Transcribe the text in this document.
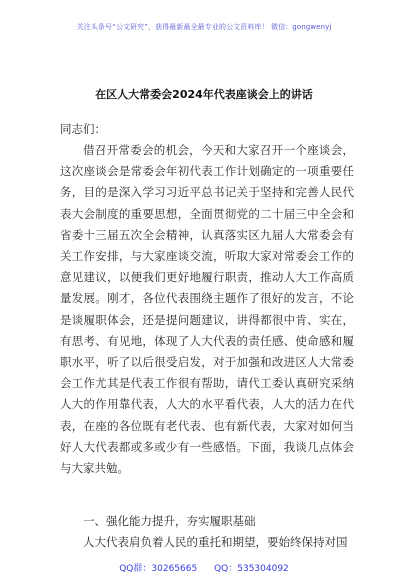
关注头条号“公文研究”，获得最新最全最专业的公文资料库！ 微信：gongwenyj
在区人大常委会2024年代表座谈会上的讲话
同志们：
借召开常委会的机会，今天和大家召开一个座谈会，这次座谈会是常委会年初代表工作计划确定的一项重要任务，目的是深入学习习近平总书记关于坚持和完善人民代表大会制度的重要思想，全面贯彻党的二十届三中全会和省委十三届五次全会精神，认真落实区九届人大常委会有关工作安排，与大家座谈交流，听取大家对常委会工作的意见建议，以便我们更好地履行职责，推动人大工作高质量发展。刚才，各位代表围绕主题作了很好的发言，不论是谈履职体会，还是提问题建议，讲得都很中肯、实在，有思考、有见地，体现了人大代表的责任感、使命感和履职水平，听了以后很受启发，对于加强和改进区人大常委会工作尤其是代表工作很有帮助，请代工委认真研究采纳人大的作用靠代表，人大的水平看代表，人大的活力在代表，在座的各位既有老代表、也有新代表，大家对如何当好人大代表都或多或少有一些感悟。下面，我谈几点体会与大家共勉。
一、强化能力提升，夯实履职基础
人大代表肩负着人民的重托和期望，要始终保持对国
QQ群：30265665 QQ：535304092
